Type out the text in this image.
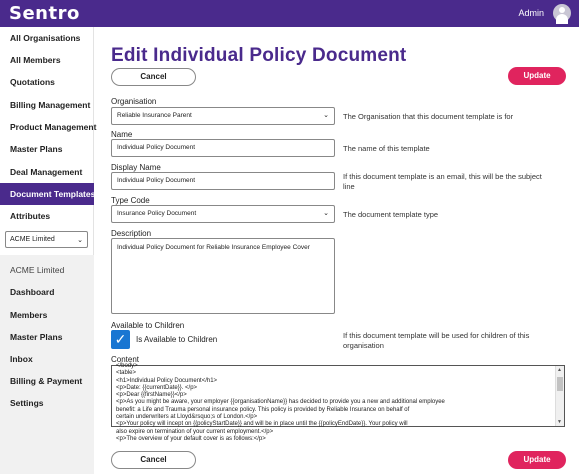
Sentro	Admin
All Organisations
All Members
Quotations
Billing Management
Product Management
Master Plans
Deal Management
Document Templates
Attributes
ACME Limited	⌄
ACME Limited
Dashboard
Members
Master Plans
Inbox
Billing & Payment
Settings
Edit Individual Policy Document
Cancel	Update
Organisation
Reliable Insurance Parent	⌄ The Organisation that this document template is for
Name
Individual Policy Document	The name of this template
Display Name
Individual Policy Document	If this document template is an email, this will be the subject line
Type Code
Insurance Policy Document	⌄ The document template type
Description
Individual Policy Document for Reliable Insurance Employee Cover
Available to Children
✓	Is Available to Children	If this document template will be used for children of this organisation
Content
</body>
<table>
<h1>Individual Policy Document</h1>
<p>Date: {{currentDate}}. </p>
<p>Dear {{firstName}}</p>
<p>As you might be aware, your employer {{organisationName}} has decided to provide you a new and additional employee
benefit: a Life and Trauma personal insurance policy. This policy is provided by Reliable Insurance on behalf of
certain underwriters at Lloyd&rsquo;s of London.</p>
<p>Your policy will incept on {{policyStartDate}} and will be in place until the {{policyEndDate}}. Your policy will
also expire on termination of your current employment.</p>
<p>The overview of your default cover is as follows:</p>
▲
▼
Cancel	Update
